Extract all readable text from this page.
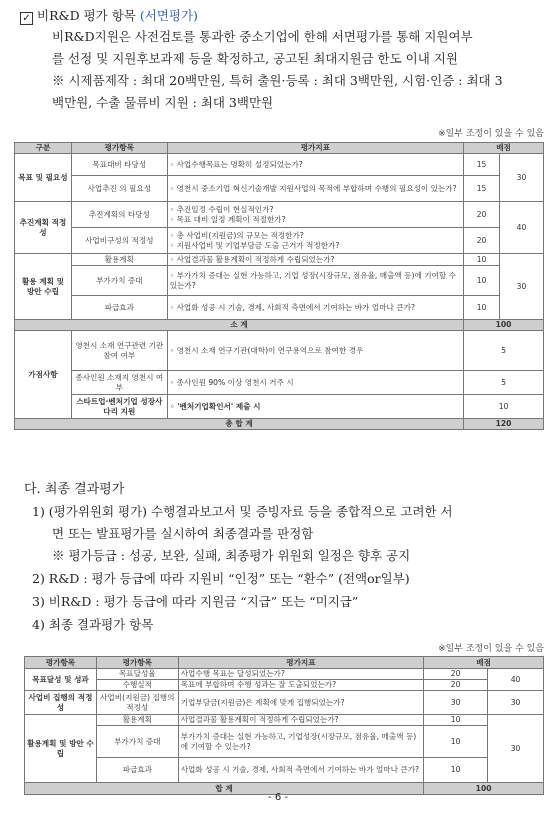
✓ 비R&D 평가 항목 (서면평가)
비R&D지원은 사전검토를 통과한 중소기업에 한해 서면평가를 통해 지원여부
를 선정 및 지원후보과제 등을 확정하고, 공고된 최대지원금 한도 이내 지원
※ 시제품제작 : 최대 20백만원, 특허 출원·등록 : 최대 3백만원, 시험·인증 : 최대 3
백만원, 수출 물류비 지원 : 최대 3백만원
※일부 조정이 있을 수 있음
구분	평가항목	평가지표	배점	
목표 및 필요성	목표대비 타당성	◦ 사업수행목표는 명확히 설정되었는가?	15	30
	사업추진 의 필요성	◦ 영천시 중소기업 혁신기술개발 지원사업의 목적에 부합하며 수행의 필요성이 있는가?	15	
추진계획 적정성	추진계획의 타당성	◦ 추진일정 수립이 현실적인가?
◦ 목표 대비 일정 계획이 적절한가?	20	40
	사업비구성의 적정성	◦ 총 사업비(지원금)의 규모는 적정한가?
◦ 지원사업비 및 기업부담금 도출 근거가 적정한가?	20	
활용 계획 및 방안 수립	활용계획	◦ 사업결과물 활용계획이 적정하게 수립되었는가?	10	30
	부가가치 증대	◦ 부가가치 증대는 실현 가능하고, 기업 성장(시장규모, 점유율, 매출액 등)에 기여할 수 있는가?	10	
	파급효과	◦ 사업화 성공 시 기술, 경제, 사회적 측면에서 기여하는 바가 얼마나 큰가?	10	
소 계			100	
가점사항	영천시 소재 연구관련 기관 참여 여부	◦ 영천시 소재 연구기관(대학)이 연구용역으로 참여한 경우	5	
	종사인원 소재지 영천시 여부	◦ 종사인원 90% 이상 영천시 거주 시	5	
	스타트업·벤처기업 성장사다리 지원	◦ '벤처기업확인서' 제출 시	10	
총 합 계			120	
다. 최종 결과평가
1) (평가위원회 평가) 수행결과보고서 및 증빙자료 등을 종합적으로 고려한 서
면 또는 발표평가를 실시하여 최종결과를 판정함
※ 평가등급 : 성공, 보완, 실패, 최종평가 위원회 일정은 향후 공지
2) R&D : 평가 등급에 따라 지원비 “인정” 또는 “환수” (전액or일부)
3) 비R&D : 평가 등급에 따라 지원금 “지급” 또는 “미지급”
4) 최종 결과평가 항목
※일부 조정이 있을 수 있음
평가항목	평가항목	평가지표	배점	
목표달성 및 성과	목표달성율	사업수행 목표는 달성되었는가?	20	40
	수행실적	목표에 부합하며 수행 성과는 잘 도출되었는가?	20	
사업비 집행의 적정성	사업비(지원금) 집행의 적정성	기업부담금(지원금)은 계획에 맞게 집행되었는가?	30	30
활용계획 및 방안 수립	활용계획	사업결과물 활용계획이 적정하게 수립되었는가?	10	30
	부가가치 증대	부가가치 증대는 실현 가능하고, 기업성장(시장규모, 점유율, 매출액 등)에 기여할 수 있는가?	10	
	파급효과	사업화 성공 시 기술, 경제, 사회적 측면에서 기여하는 바가 얼마나 큰가?	10	
합 계			100	
- 6 -
